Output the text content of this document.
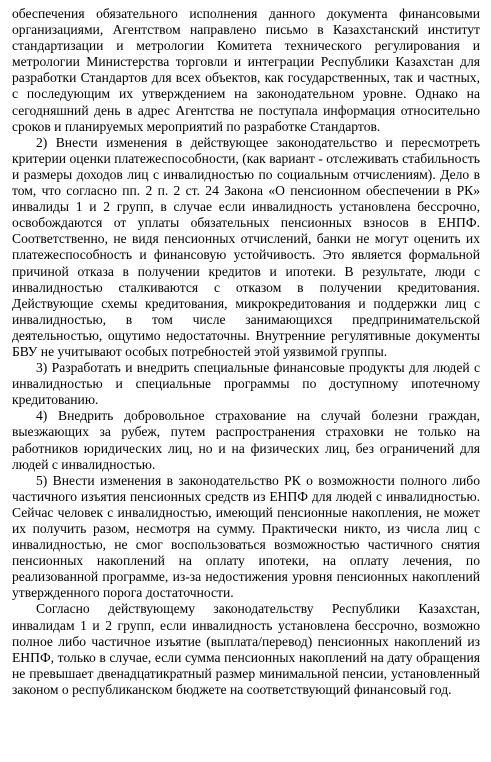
обеспечения обязательного исполнения данного документа финансовыми организациями, Агентством направлено письмо в Казахстанский институт стандартизации и метрологии Комитета технического регулирования и метрологии Министерства торговли и интеграции Республики Казахстан для разработки Стандартов для всех объектов, как государственных, так и частных, с последующим их утверждением на законодательном уровне. Однако на сегодняшний день в адрес Агентства не поступала информация относительно сроков и планируемых мероприятий по разработке Стандартов.

2) Внести изменения в действующее законодательство и пересмотреть критерии оценки платежеспособности, (как вариант - отслеживать стабильность и размеры доходов лиц с инвалидностью по социальным отчислениям). Дело в том, что согласно пп. 2 п. 2 ст. 24 Закона «О пенсионном обеспечении в РК» инвалиды 1 и 2 групп, в случае если инвалидность установлена бессрочно, освобождаются от уплаты обязательных пенсионных взносов в ЕНПФ. Соответственно, не видя пенсионных отчислений, банки не могут оценить их платежеспособность и финансовую устойчивость. Это является формальной причиной отказа в получении кредитов и ипотеки. В результате, люди с инвалидностью сталкиваются с отказом в получении кредитования. Действующие схемы кредитования, микрокредитования и поддержки лиц с инвалидностью, в том числе занимающихся предпринимательской деятельностью, ощутимо недостаточны. Внутренние регулятивные документы БВУ не учитывают особых потребностей этой уязвимой группы.

3) Разработать и внедрить специальные финансовые продукты для людей с инвалидностью и специальные программы по доступному ипотечному кредитованию.

4) Внедрить добровольное страхование на случай болезни граждан, выезжающих за рубеж, путем распространения страховки не только на работников юридических лиц, но и на физических лиц, без ограничений для людей с инвалидностью.

5) Внести изменения в законодательство РК о возможности полного либо частичного изъятия пенсионных средств из ЕНПФ для людей с инвалидностью. Сейчас человек с инвалидностью, имеющий пенсионные накопления, не может их получить разом, несмотря на сумму. Практически никто, из числа лиц с инвалидностью, не смог воспользоваться возможностью частичного снятия пенсионных накоплений на оплату ипотеки, на оплату лечения, по реализованной программе, из-за недостижения уровня пенсионных накоплений утвержденного порога достаточности.

Согласно действующему законодательству Республики Казахстан, инвалидам 1 и 2 групп, если инвалидность установлена бессрочно, возможно полное либо частичное изъятие (выплата/перевод) пенсионных накоплений из ЕНПФ, только в случае, если сумма пенсионных накоплений на дату обращения не превышает двенадцатикратный размер минимальной пенсии, установленный законом о республиканском бюджете на соответствующий финансовый год.
